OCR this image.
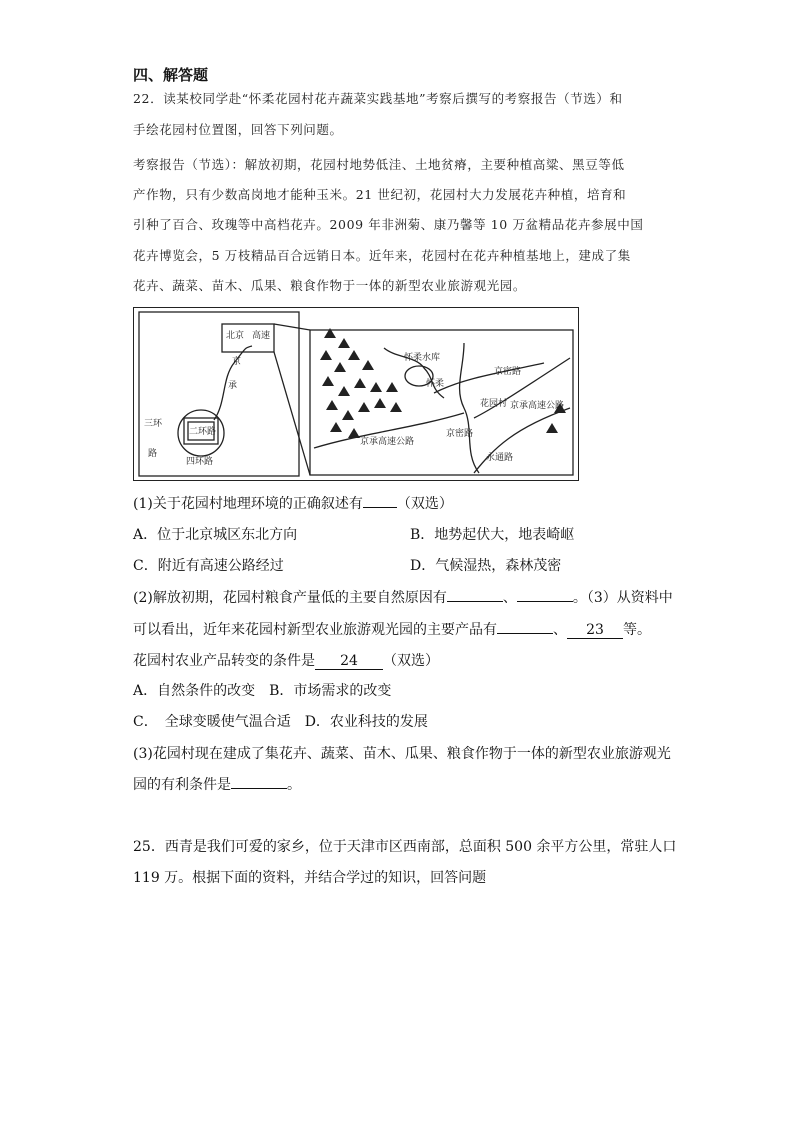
四、解答题
22．读某校同学赴“怀柔花园村花卉蔬菜实践基地”考察后撰写的考察报告（节选）和
手绘花园村位置图，回答下列问题。
考察报告（节选）：解放初期，花园村地势低洼、土地贫瘠，主要种植高粱、黑豆等低
产作物，只有少数高岗地才能种玉米。21 世纪初，花园村大力发展花卉种植，培育和
引种了百合、玫瑰等中高档花卉。2009 年非洲菊、康乃馨等 10 万盆精品花卉参展中国
花卉博览会，5 万枝精品百合远销日本。近年来，花园村在花卉种植基地上，建成了集
花卉、蔬菜、苗木、瓜果、粮食作物于一体的新型农业旅游观光园。
北京 高速
京
承
二环路
三环
路
四环路
怀柔水库
怀柔
京密路
花园村
京承高速公路
京承高速公路
京密路
永通路
(1)关于花园村地理环境的正确叙述有 （双选）
A．位于北京城区东北方向	B．地势起伏大，地表崎岖
C．附近有高速公路经过	D．气候湿热，森林茂密
(2)解放初期，花园村粮食产量低的主要自然原因有	、	。（3）从资料中
可以看出，近年来花园村新型农业旅游观光园的主要产品有	、 23 等。
花园村农业产品转变的条件是 24 （双选）
A．自然条件的改变　B．市场需求的改变
C．　全球变暖使气温合适　D．农业科技的发展
(3)花园村现在建成了集花卉、蔬菜、苗木、瓜果、粮食作物于一体的新型农业旅游观光
园的有利条件是	。
25．西青是我们可爱的家乡，位于天津市区西南部，总面积 500 余平方公里，常驻人口
119 万。根据下面的资料，并结合学过的知识，回答问题
